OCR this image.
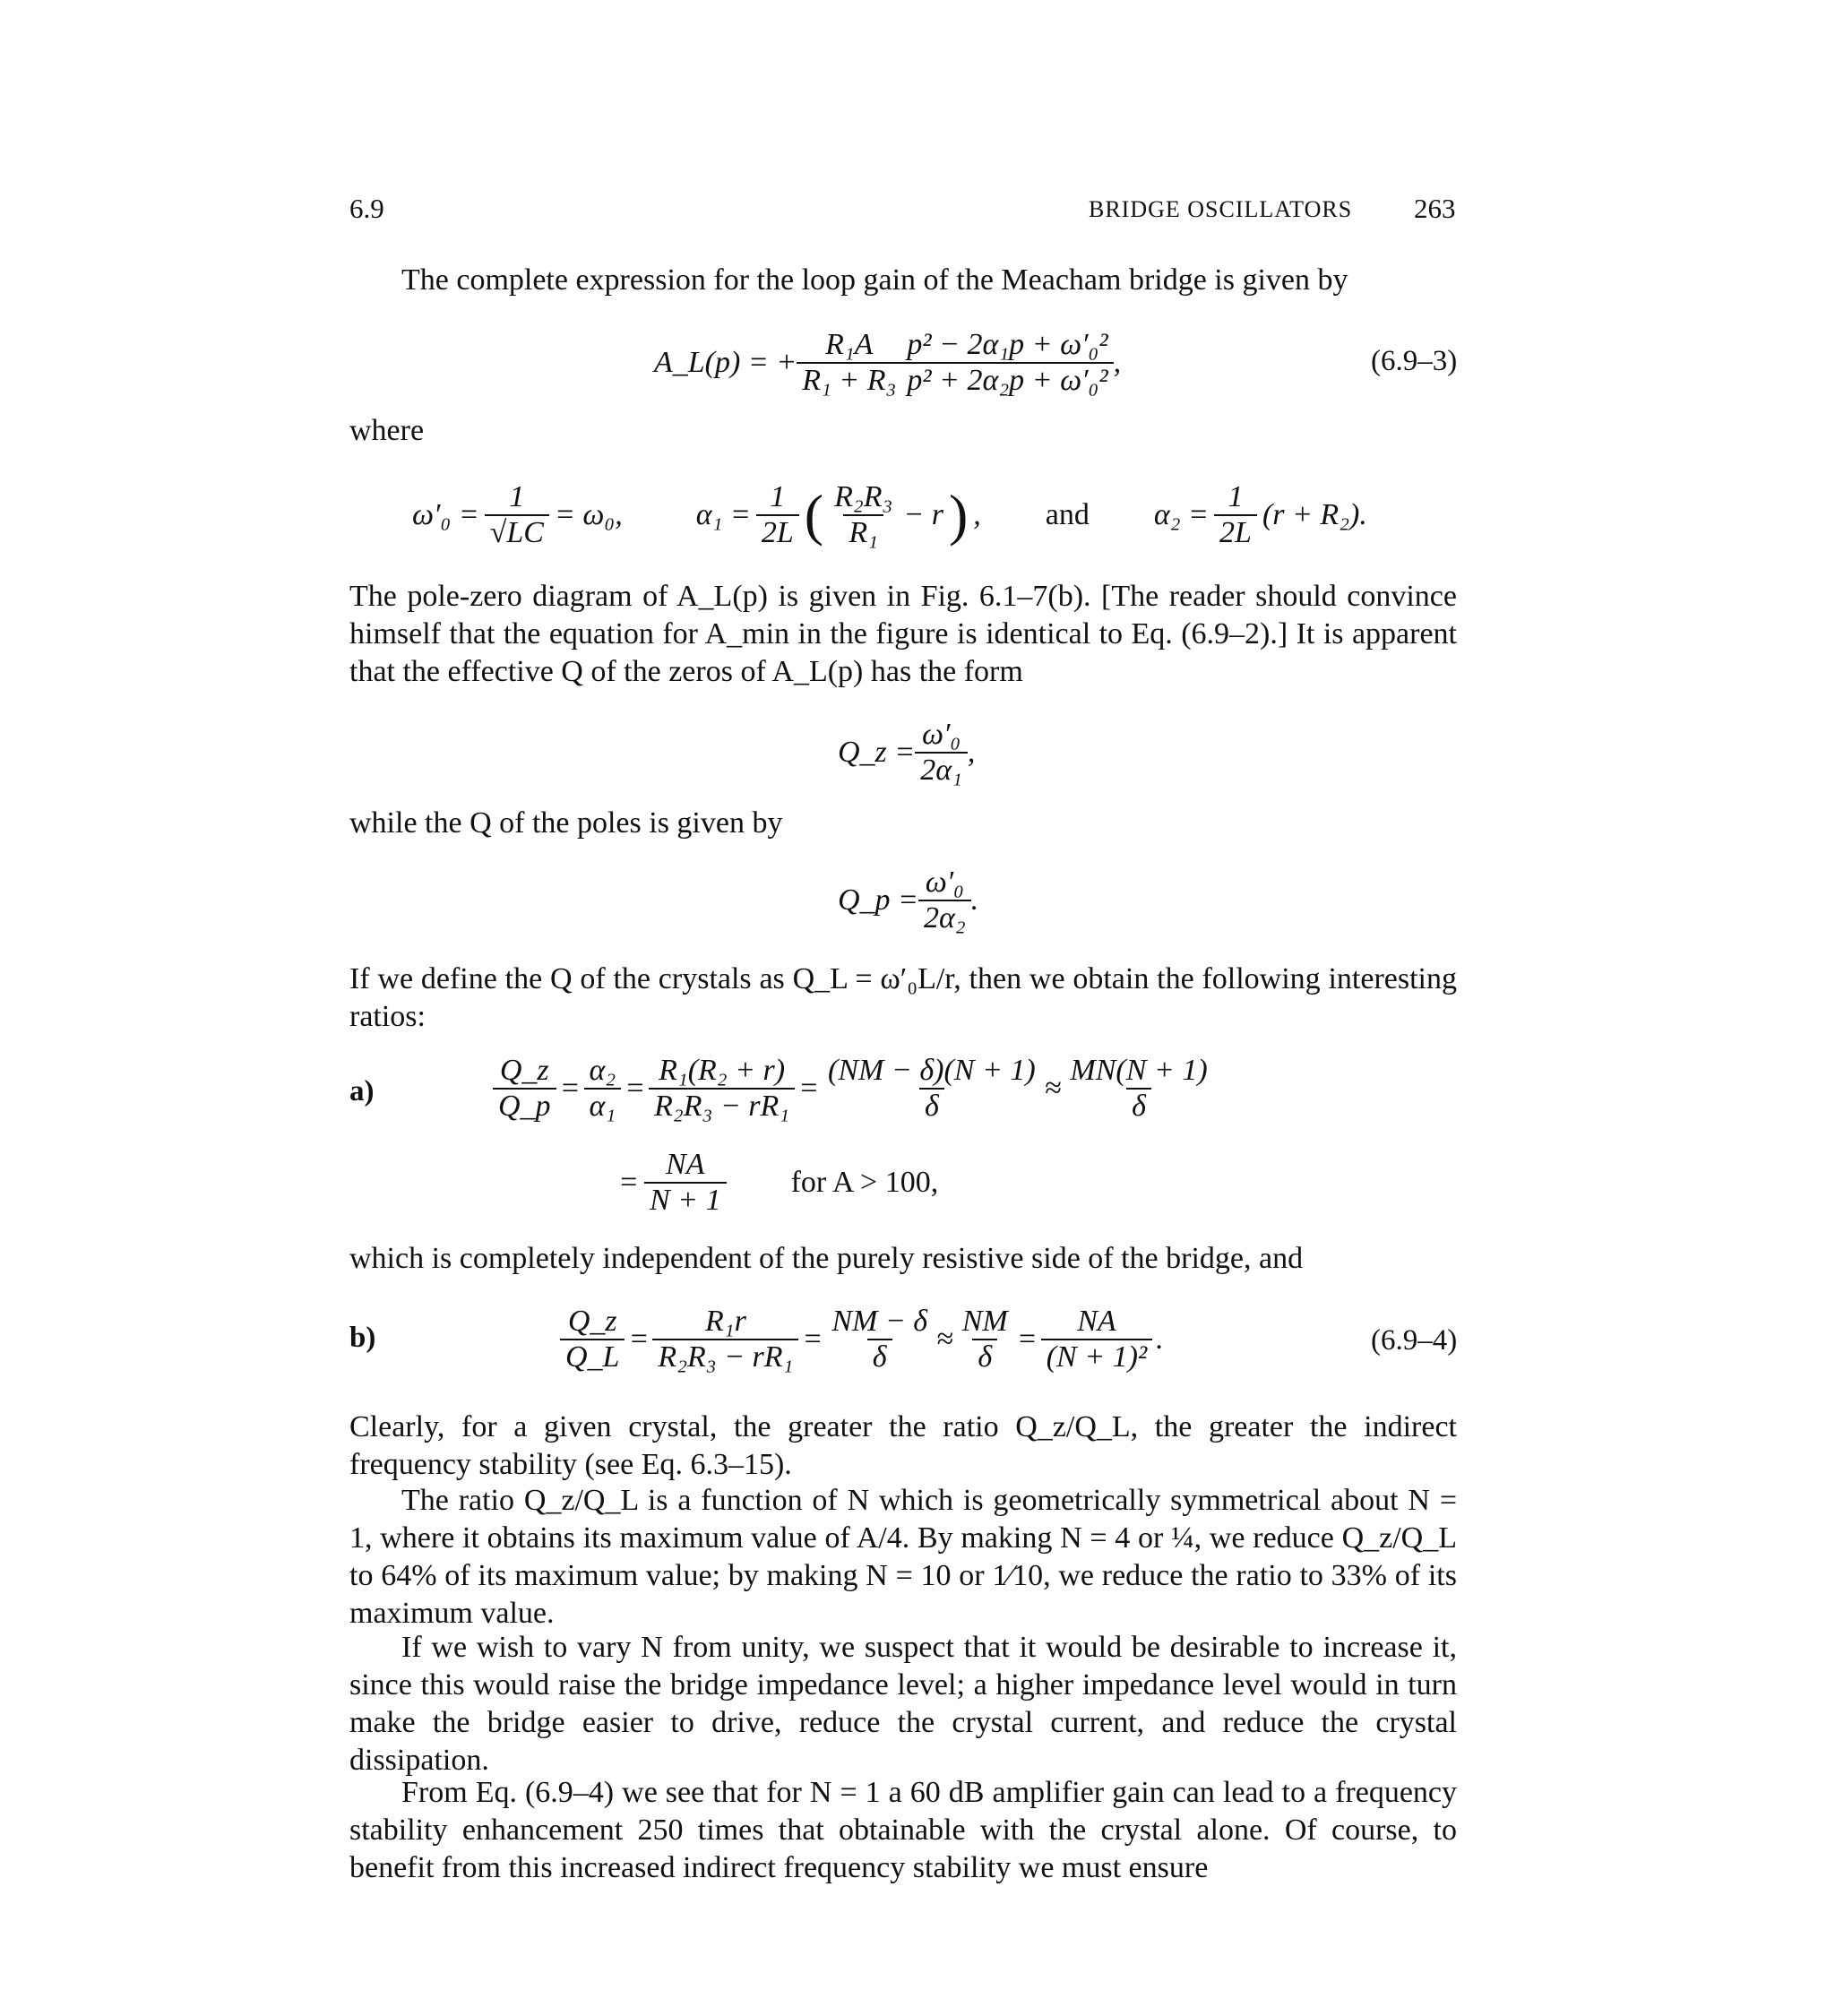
6.9	BRIDGE OSCILLATORS 263
The complete expression for the loop gain of the Meacham bridge is given by
A_L(p) = + $\frac{\text{R₁A}}{\text{R₁ + R₃}} \frac{\text{p² − 2α₁p + ω′₀²}}{\text{p² + 2α₂p + ω′₀²}}$ ,	(6.9–3)
where
$\omega'_0 = \frac{1}{√LC} = \omega_0$, $\alpha_1 = \frac{1}{2L}$ ( $\frac{\text{R₂R₃}}{\text{R₁}} - r$ ) , and $\alpha_2 = \frac{1}{2L} (r + R_2)$.
The pole-zero diagram of A_L(p) is given in Fig. 6.1–7(b). [The reader should convince himself that the equation for A_min in the figure is identical to Eq. (6.9–2).] It is apparent that the effective Q of the zeros of A_L(p) has the form
Q_z = $\frac{\text{ω′₀}}{\text{2α₁}}$ ,
while the Q of the poles is given by
Q_p = $\frac{\text{ω′₀}}{\text{2α₂}}$ .
If we define the Q of the crystals as Q_L = ω′₀L/r, then we obtain the following interesting ratios:
a)	$\frac{Q\_z}{Q\_p} = \frac{\text{α₂}}{\text{α₁}} = \frac{\text{R₁(R₂ + r)}}{\text{R₂R₃ − rR₁}} = \frac{(NM - \delta)(N + 1)}{\delta} \approx \frac{MN(N + 1)}{\delta}$
= $\frac{NA}{N + 1}$ for A > 100,
which is completely independent of the purely resistive side of the bridge, and
b)	$\frac{Q\_z}{Q\_L} = \frac{\text{R₁r}}{\text{R₂R₃ − rR₁}} = \frac{NM - \delta}{\delta} \approx \frac{NM}{\delta} = \frac{NA}{\text{(N + 1)²}}$ .	(6.9–4)
Clearly, for a given crystal, the greater the ratio Q_z/Q_L, the greater the indirect frequency stability (see Eq. 6.3–15).
The ratio Q_z/Q_L is a function of N which is geometrically symmetrical about N = 1, where it obtains its maximum value of A/4. By making N = 4 or ¼, we reduce Q_z/Q_L to 64% of its maximum value; by making N = 10 or 1⁄10, we reduce the ratio to 33% of its maximum value.
If we wish to vary N from unity, we suspect that it would be desirable to increase it, since this would raise the bridge impedance level; a higher impedance level would in turn make the bridge easier to drive, reduce the crystal current, and reduce the crystal dissipation.
From Eq. (6.9–4) we see that for N = 1 a 60 dB amplifier gain can lead to a frequency stability enhancement 250 times that obtainable with the crystal alone. Of course, to benefit from this increased indirect frequency stability we must ensure
